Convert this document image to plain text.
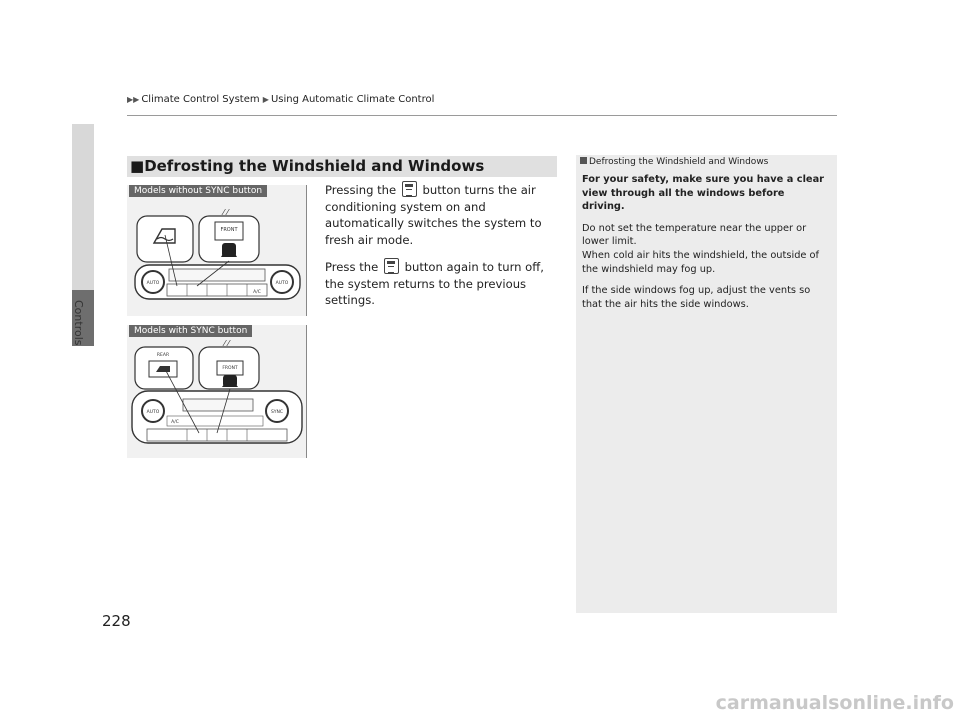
Controls
▶▶ Climate Control System ▶ Using Automatic Climate Control
■Defrosting the Windshield and Windows

Pressing the button turns the air conditioning system on and automatically switches the system to fresh air mode.

Press the button again to turn off, the system returns to the previous settings.

FRONT
⁄ ⁄
AUTO	AUTO
A/C
Models without SYNC button
REAR
FRONT
⁄ ⁄
AUTO	SYNC
A/C
Models with SYNC button
Defrosting the Windshield and Windows

For your safety, make sure you have a clear view through all the windows before driving.

Do not set the temperature near the upper or lower limit.
When cold air hits the windshield, the outside of the windshield may fog up.

If the side windows fog up, adjust the vents so that the air hits the side windows.

228
carmanualsonline.info
